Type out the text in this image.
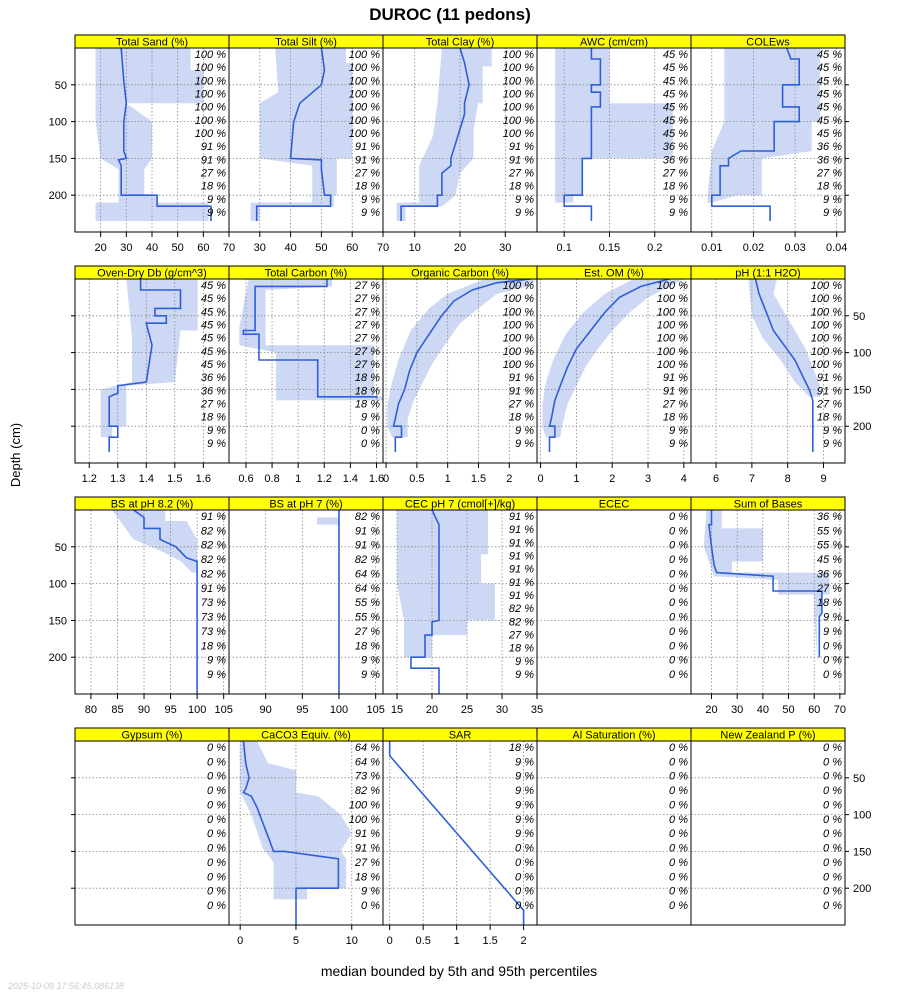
DUROC (11 pedons)
Depth (cm)
median bounded by 5th and 95th percentiles
2025-10-08 17:56:45.086138
Total Sand (%)
100 %
100 %
100 %
100 %
100 %
100 %
100 %
91 %
91 %
27 %
18 %
9 %
9 %
20 30 40 50 60 70
Total Silt (%)
100 %
100 %
100 %
100 %
100 %
100 %
100 %
91 %
91 %
27 %
18 %
9 %
9 %
30 40 50 60 70
Total Clay (%)
100 %
100 %
100 %
100 %
100 %
100 %
100 %
91 %
91 %
27 %
18 %
9 %
9 %
10	20	30
AWC (cm/cm)
45 %
45 %
45 %
45 %
45 %
45 %
45 %
36 %
36 %
27 %
18 %
9 %
9 %
0.1 0.15 0.2
COLEws
45 %
45 %
45 %
45 %
45 %
45 %
45 %
36 %
36 %
27 %
18 %
9 %
9 %
0.01 0.02 0.03 0.04
Oven-Dry Db (g/cm^3)
45 %
45 %
45 %
45 %
45 %
45 %
45 %
36 %
36 %
27 %
18 %
9 %
9 %
1.2 1.3 1.4 1.5 1.6
Total Carbon (%)
27 %
27 %
27 %
27 %
27 %
27 %
27 %
18 %
18 %
18 %
9 %
0 %
0 %
0.6 0.8 1 1.2 1.4 1.6
Organic Carbon (%)
100 %
100 %
100 %
100 %
100 %
100 %
100 %
91 %
91 %
27 %
18 %
9 %
9 %
0 0.5 1 1.5 2
Est. OM (%)
100 %
100 %
100 %
100 %
100 %
100 %
100 %
91 %
91 %
27 %
18 %
9 %
9 %
0	1	2	3	4
pH (1:1 H2O)
100 %
100 %
100 %
100 %
100 %
100 %
100 %
91 %
91 %
27 %
18 %
9 %
9 %
6	7	8	9
BS at pH 8.2 (%)
91 %
82 %
82 %
82 %
82 %
91 %
73 %
73 %
73 %
18 %
9 %
9 %
80 85 90 95 100 105
BS at pH 7 (%)
82 %
91 %
91 %
82 %
64 %
64 %
55 %
55 %
27 %
18 %
9 %
9 %
90 95 100 105
CEC pH 7 (cmol[+]/kg)
91 %
91 %
91 %
91 %
91 %
91 %
91 %
82 %
82 %
27 %
18 %
9 %
9 %
15 20 25 30 35
ECEC
0 %
0 %
0 %
0 %
0 %
0 %
0 %
0 %
0 %
0 %
0 %
0 %
Sum of Bases
36 %
55 %
55 %
45 %
36 %
27 %
18 %
9 %
9 %
0 %
0 %
0 %
20 30 40 50 60 70
Gypsum (%)
0 %
0 %
0 %
0 %
0 %
0 %
0 %
0 %
0 %
0 %
0 %
0 %
CaCO3 Equiv. (%)
64 %
64 %
73 %
82 %
100 %
100 %
91 %
91 %
27 %
18 %
9 %
0 %
0	5	10
SAR
18 %
9 %
9 %
9 %
9 %
9 %
9 %
0 %
0 %
0 %
0 %
0 %
0 0.5 1 1.5 2
Al Saturation (%)
0 %
0 %
0 %
0 %
0 %
0 %
0 %
0 %
0 %
0 %
0 %
0 %
New Zealand P (%)
0 %
0 %
0 %
0 %
0 %
0 %
0 %
0 %
0 %
0 %
0 %
0 %
50
100
150
200
50
100
150
200
50
100
150
200
50
100
150
200
